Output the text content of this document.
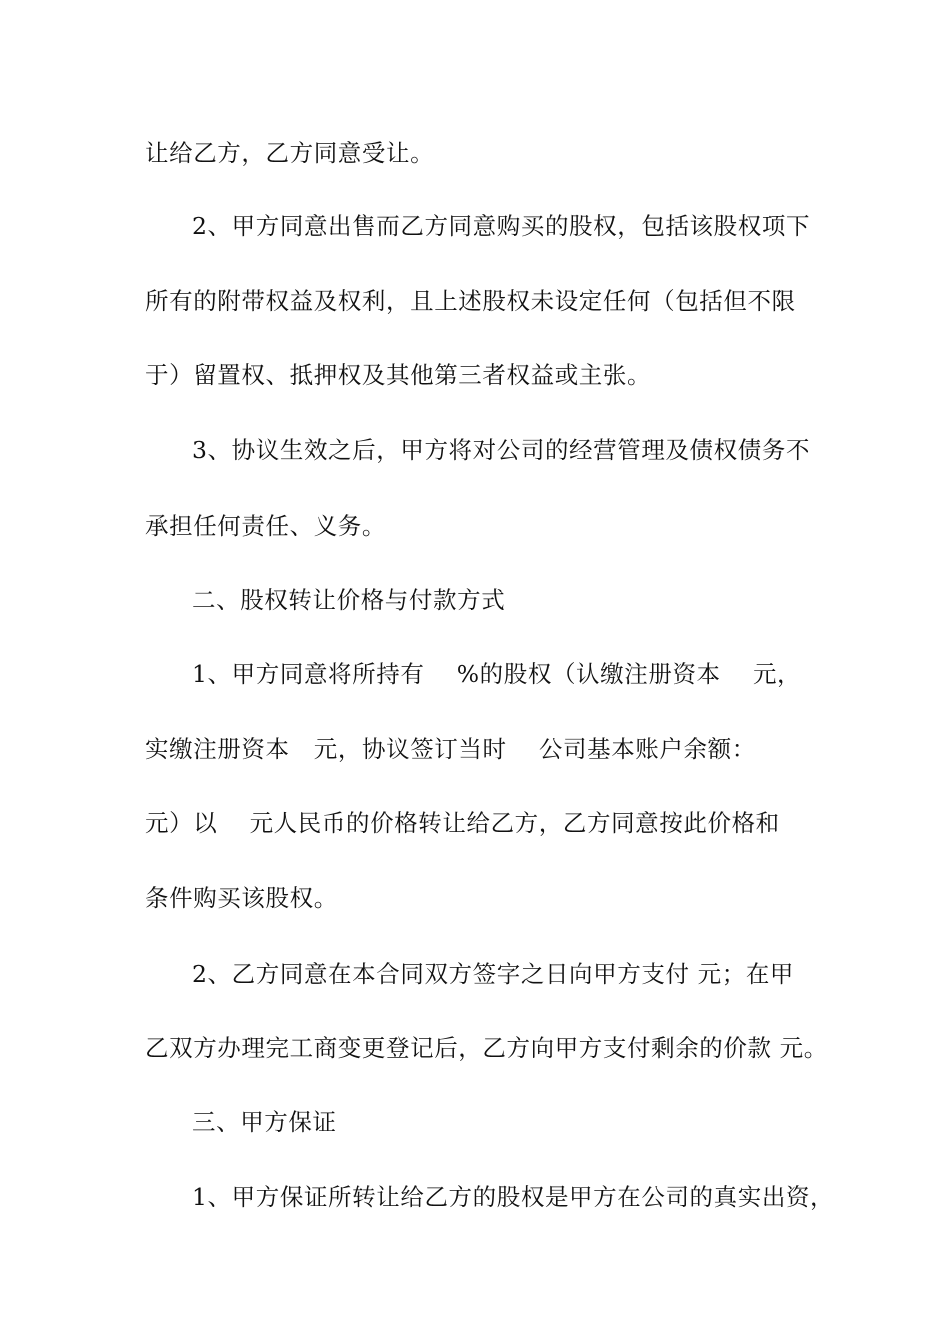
让给乙方，乙方同意受让。
2、甲方同意出售而乙方同意购买的股权，包括该股权项下
所有的附带权益及权利，且上述股权未设定任何（包括但不限
于）留置权、抵押权及其他第三者权益或主张。
3、协议生效之后，甲方将对公司的经营管理及债权债务不
承担任何责任、义务。
二、股权转让价格与付款方式
1、甲方同意将所持有    %的股权（认缴注册资本    元，
实缴注册资本   元，协议签订当时    公司基本账户余额：
元）以    元人民币的价格转让给乙方，乙方同意按此价格和
条件购买该股权。
2、乙方同意在本合同双方签字之日向甲方支付 元；在甲
乙双方办理完工商变更登记后，乙方向甲方支付剩余的价款 元。
三、甲方保证
1、甲方保证所转让给乙方的股权是甲方在公司的真实出资，
